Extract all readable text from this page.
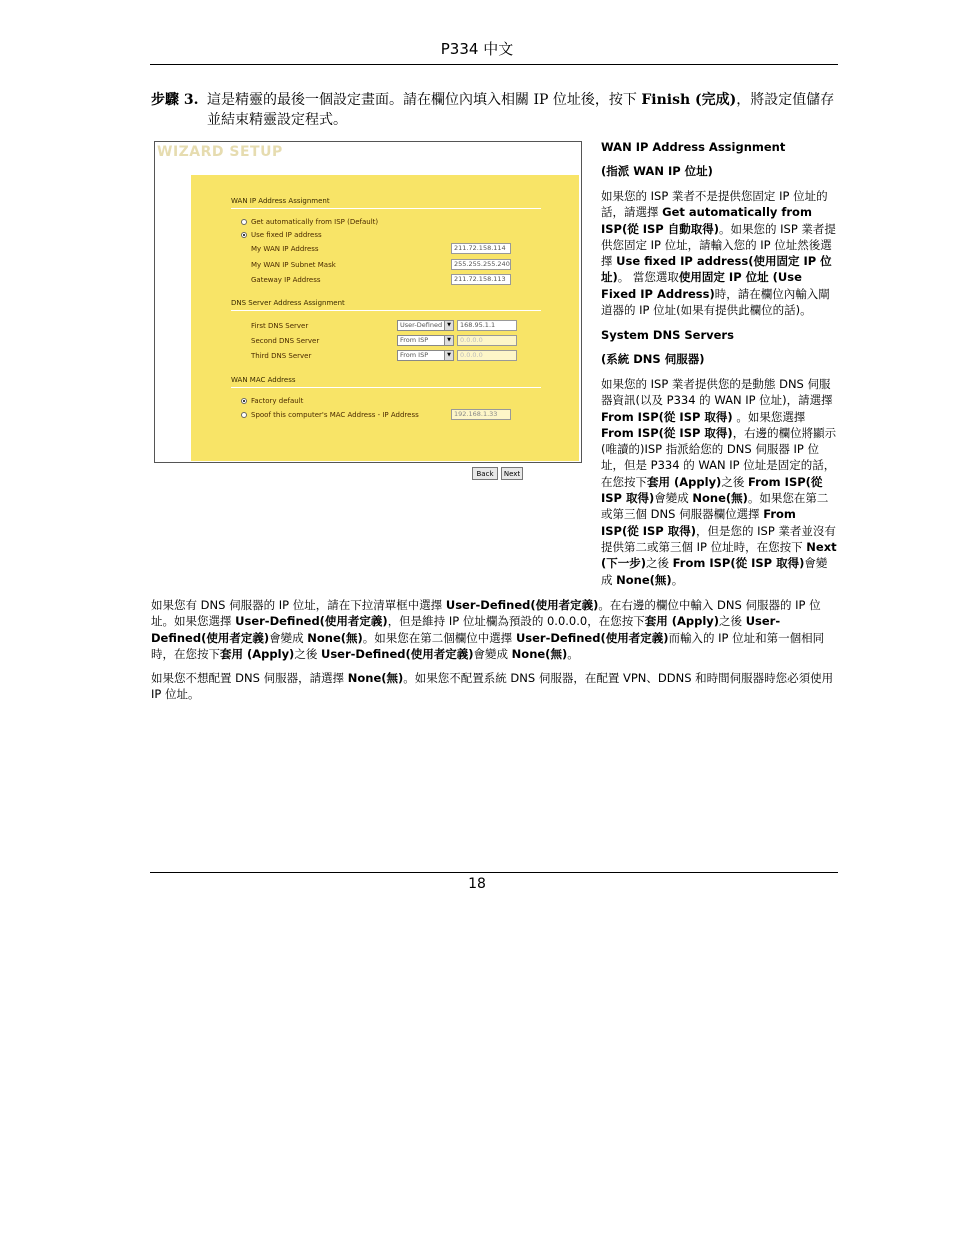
P334 中文
步驟 3. 這是精靈的最後一個設定畫面。請在欄位內填入相關 IP 位址後，按下 Finish (完成)，將設定值儲存並結束精靈設定程式。
WIZARD SETUP
WAN IP Address Assignment
Get automatically from ISP (Default)
Use fixed IP address
My WAN IP Address	211.72.158.114
My WAN IP Subnet Mask	255.255.255.240
Gateway IP Address	211.72.158.113
DNS Server Address Assignment
First DNS Server	User-Defined ▼	168.95.1.1
Second DNS Server	From ISP	▼	0.0.0.0
Third DNS Server	From ISP	▼	0.0.0.0
WAN MAC Address
Factory default
Spoof this computer's MAC Address - IP Address	192.168.1.33
Back	Next
WAN IP Address Assignment
(指派 WAN IP 位址)
如果您的 ISP 業者不是提供您固定 IP 位址的話，請選擇 Get automatically from ISP(從 ISP 自動取得)。如果您的 ISP 業者提供您固定 IP 位址，請輸入您的 IP 位址然後選擇 Use fixed IP address(使用固定 IP 位址)。 當您選取使用固定 IP 位址 (Use Fixed IP Address)時，請在欄位內輸入閘道器的 IP 位址(如果有提供此欄位的話)。
System DNS Servers
(系統 DNS 伺服器)
如果您的 ISP 業者提供您的是動態 DNS 伺服器資訊(以及 P334 的 WAN IP 位址)，請選擇 From ISP(從 ISP 取得) 。如果您選擇 From ISP(從 ISP 取得)，右邊的欄位將顯示(唯讀的)ISP 指派給您的 DNS 伺服器 IP 位址，但是 P334 的 WAN IP 位址是固定的話，在您按下套用 (Apply)之後 From ISP(從 ISP 取得)會變成 None(無)。如果您在第二或第三個 DNS 伺服器欄位選擇 From ISP(從 ISP 取得)，但是您的 ISP 業者並沒有提供第二或第三個 IP 位址時，在您按下 Next (下一步)之後 From ISP(從 ISP 取得)會變成 None(無)。
如果您有 DNS 伺服器的 IP 位址，請在下拉清單框中選擇 User-Defined(使用者定義)。在右邊的欄位中輸入 DNS 伺服器的 IP 位址。如果您選擇 User-Defined(使用者定義)，但是維持 IP 位址欄為預設的 0.0.0.0，在您按下套用 (Apply)之後 User-Defined(使用者定義)會變成 None(無)。如果您在第二個欄位中選擇 User-Defined(使用者定義)而輸入的 IP 位址和第一個相同時，在您按下套用 (Apply)之後 User-Defined(使用者定義)會變成 None(無)。
如果您不想配置 DNS 伺服器，請選擇 None(無)。如果您不配置系統 DNS 伺服器，在配置 VPN、DDNS 和時間伺服器時您必須使用 IP 位址。
18
